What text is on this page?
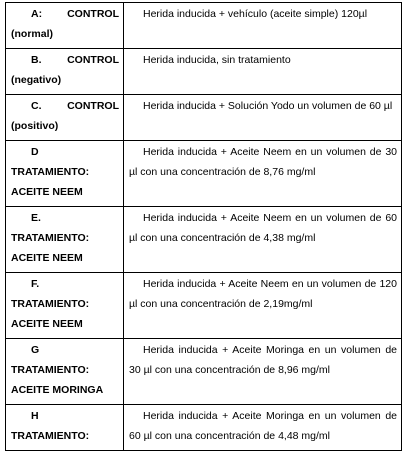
A: CONTROL
(normal)	Herida inducida + vehículo (aceite simple) 120µl

B. CONTROL
(negativo)	Herida inducida, sin tratamiento

C. CONTROL
(positivo)	Herida inducida + Solución Yodo un volumen de 60 µl

D
TRATAMIENTO:
ACEITE NEEM	Herida inducida + Aceite Neem en un volumen de 30 µl con una concentración de 8,76 mg/ml

E.
TRATAMIENTO:
ACEITE NEEM	Herida inducida + Aceite Neem en un volumen de 60 µl con una concentración de 4,38 mg/ml

F.
TRATAMIENTO:
ACEITE NEEM	Herida inducida + Aceite Neem en un volumen de 120 µl con una concentración de 2,19mg/ml

G
TRATAMIENTO:
ACEITE MORINGA	Herida inducida + Aceite Moringa en un volumen de 30 µl con una concentración de 8,96 mg/ml

H
TRATAMIENTO:	Herida inducida + Aceite Moringa en un volumen de 60 µl con una concentración de 4,48 mg/ml
